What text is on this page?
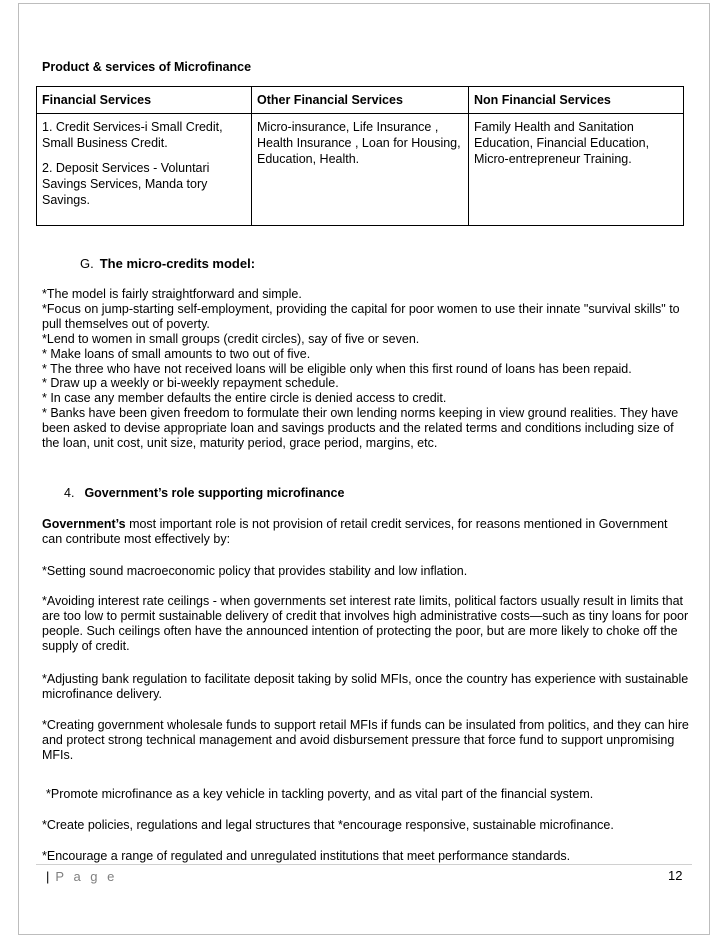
Product & services of Microfinance
Financial Services	Other Financial Services	Non Financial Services

1. Credit Services-i Small Credit, Small Business Credit.
2. Deposit Services - Voluntari Savings Services, Manda tory Savings.	Micro-insurance, Life Insurance , Health Insurance , Loan for Housing, Education, Health.	Family Health and Sanitation Education, Financial Education, Micro-entrepreneur Training.
G. The micro-credits model:
*The model is fairly straightforward and simple.
*Focus on jump-starting self-employment, providing the capital for poor women to use their innate "survival skills" to pull themselves out of poverty.
*Lend to women in small groups (credit circles), say of five or seven.
* Make loans of small amounts to two out of five.
* The three who have not received loans will be eligible only when this first round of loans has been repaid.
* Draw up a weekly or bi-weekly repayment schedule.
* In case any member defaults the entire circle is denied access to credit.
* Banks have been given freedom to formulate their own lending norms keeping in view ground realities. They have been asked to devise appropriate loan and savings products and the related terms and conditions including size of the loan, unit cost, unit size, maturity period, grace period, margins, etc.
4. Government’s role supporting microfinance
Government’s most important role is not provision of retail credit services, for reasons mentioned in Government can contribute most effectively by:
*Setting sound macroeconomic policy that provides stability and low inflation.
*Avoiding interest rate ceilings - when governments set interest rate limits, political factors usually result in limits that are too low to permit sustainable delivery of credit that involves high administrative costs—such as tiny loans for poor people. Such ceilings often have the announced intention of protecting the poor, but are more likely to choke off the supply of credit.
*Adjusting bank regulation to facilitate deposit taking by solid MFIs, once the country has experience with sustainable microfinance delivery.
*Creating government wholesale funds to support retail MFIs if funds can be insulated from politics, and they can hire and protect strong technical management and avoid disbursement pressure that force fund to support unpromising MFIs.
*Promote microfinance as a key vehicle in tackling poverty, and as vital part of the financial system.
*Create policies, regulations and legal structures that *encourage responsive, sustainable microfinance.
*Encourage a range of regulated and unregulated institutions that meet performance standards.
| P a g e	12
